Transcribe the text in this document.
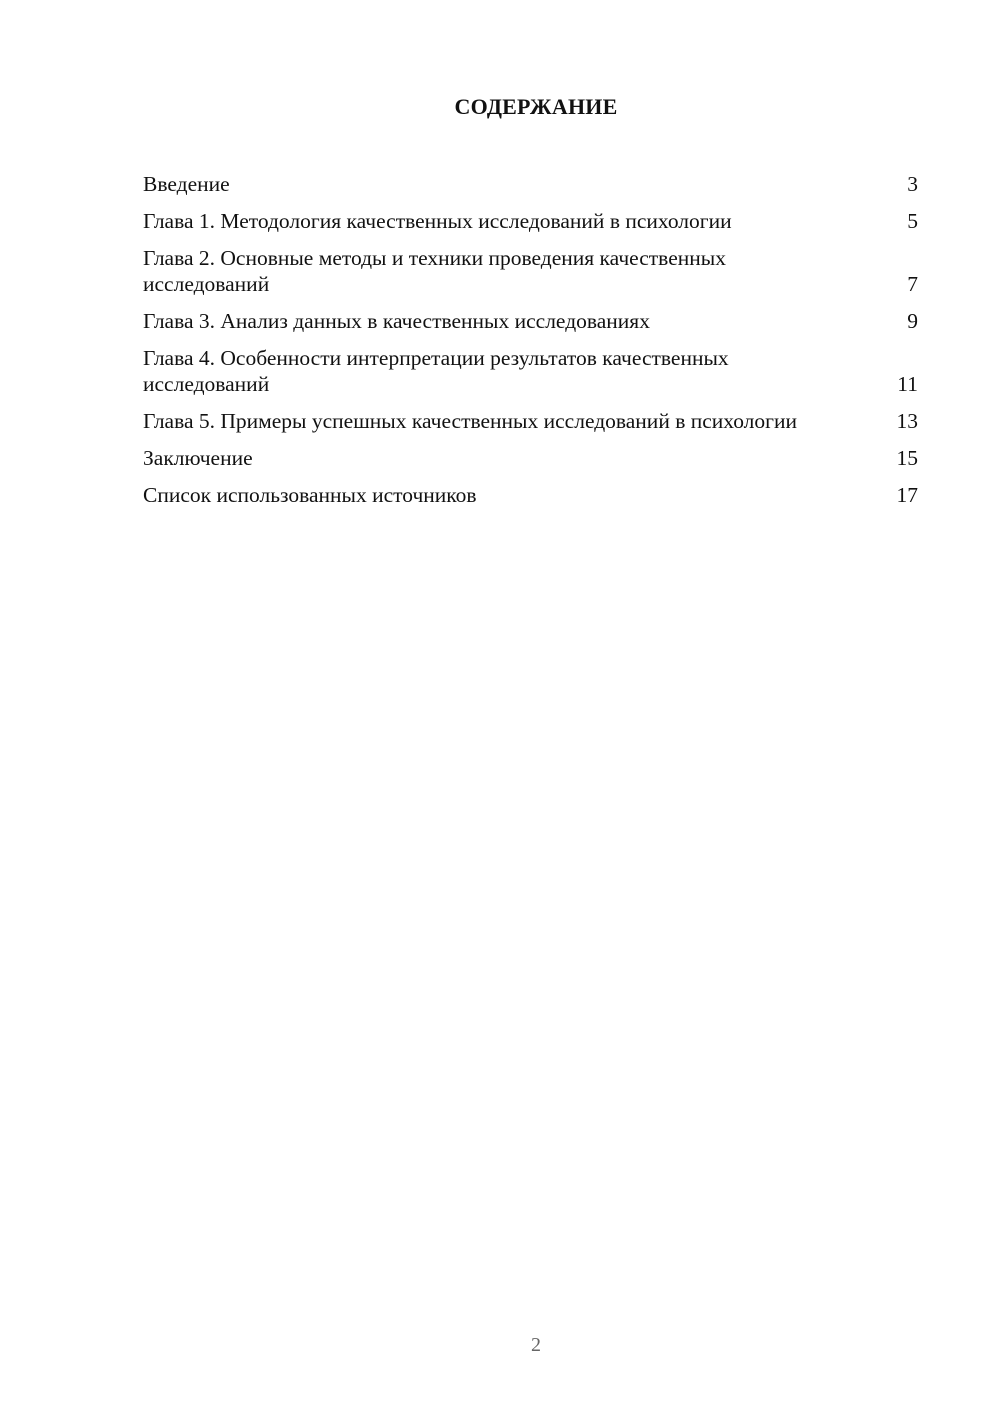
СОДЕРЖАНИЕ
Введение	3
Глава 1. Методология качественных исследований в психологии	5
Глава 2. Основные методы и техники проведения качественных исследований	7
Глава 3. Анализ данных в качественных исследованиях	9
Глава 4. Особенности интерпретации результатов качественных исследований	11
Глава 5. Примеры успешных качественных исследований в психологии	13
Заключение	15
Список использованных источников	17
2
